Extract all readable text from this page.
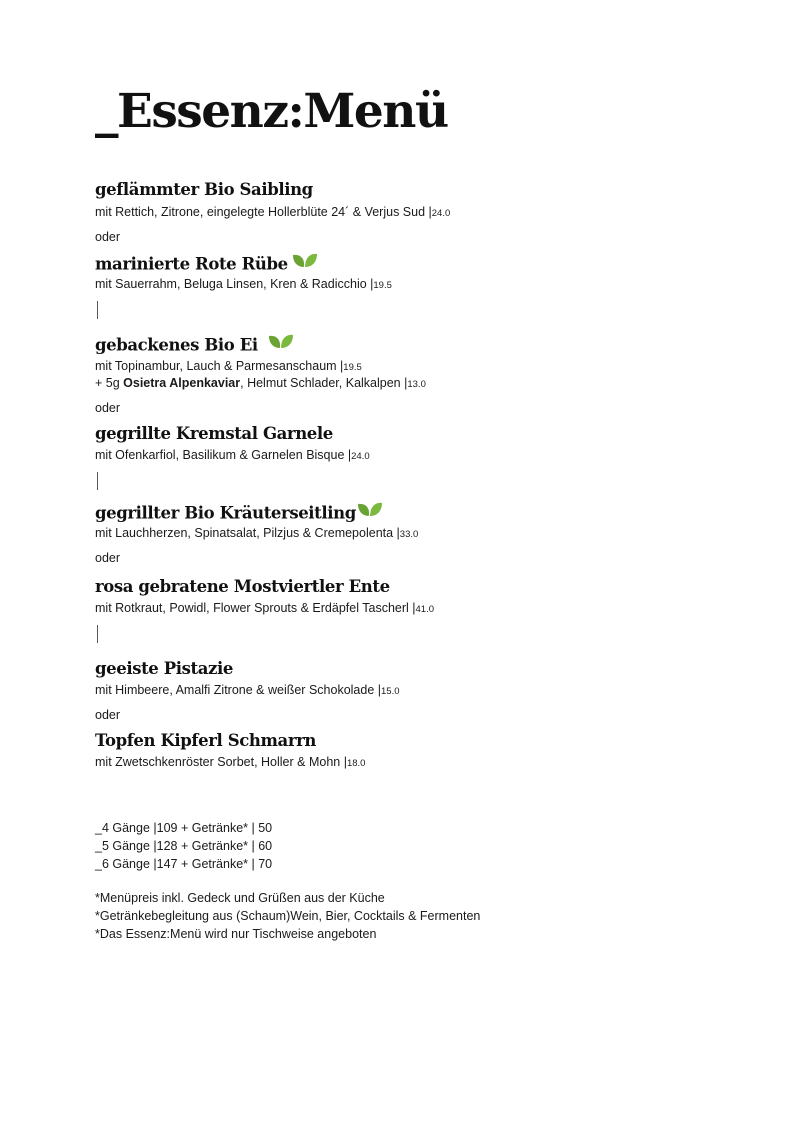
_Essenz:Menü
geflämmter Bio Saibling
mit Rettich, Zitrone, eingelegte Hollerblüte 24´ & Verjus Sud |24.0
oder
marinierte Rote Rübe
mit Sauerrahm, Beluga Linsen, Kren & Radicchio |19.5
gebackenes Bio Ei
mit Topinambur, Lauch & Parmesanschaum |19.5
+ 5g Osietra Alpenkaviar, Helmut Schlader, Kalkalpen |13.0
oder
gegrillte Kremstal Garnele
mit Ofenkarfiol, Basilikum & Garnelen Bisque |24.0
gegrillter Bio Kräuterseitling
mit Lauchherzen, Spinatsalat, Pilzjus & Cremepolenta |33.0
oder
rosa gebratene Mostviertler Ente
mit Rotkraut, Powidl, Flower Sprouts & Erdäpfel Tascherl |41.0
geeiste Pistazie
mit Himbeere, Amalfi Zitrone & weißer Schokolade |15.0
oder
Topfen Kipferl Schmarrn
mit Zwetschkenröster Sorbet, Holler & Mohn |18.0
_4 Gänge |109 + Getränke* | 50
_5 Gänge |128 + Getränke* | 60
_6 Gänge |147 + Getränke* | 70
*Menüpreis inkl. Gedeck und Grüßen aus der Küche
*Getränkebegleitung aus (Schaum)Wein, Bier, Cocktails & Fermenten
*Das Essenz:Menü wird nur Tischweise angeboten
